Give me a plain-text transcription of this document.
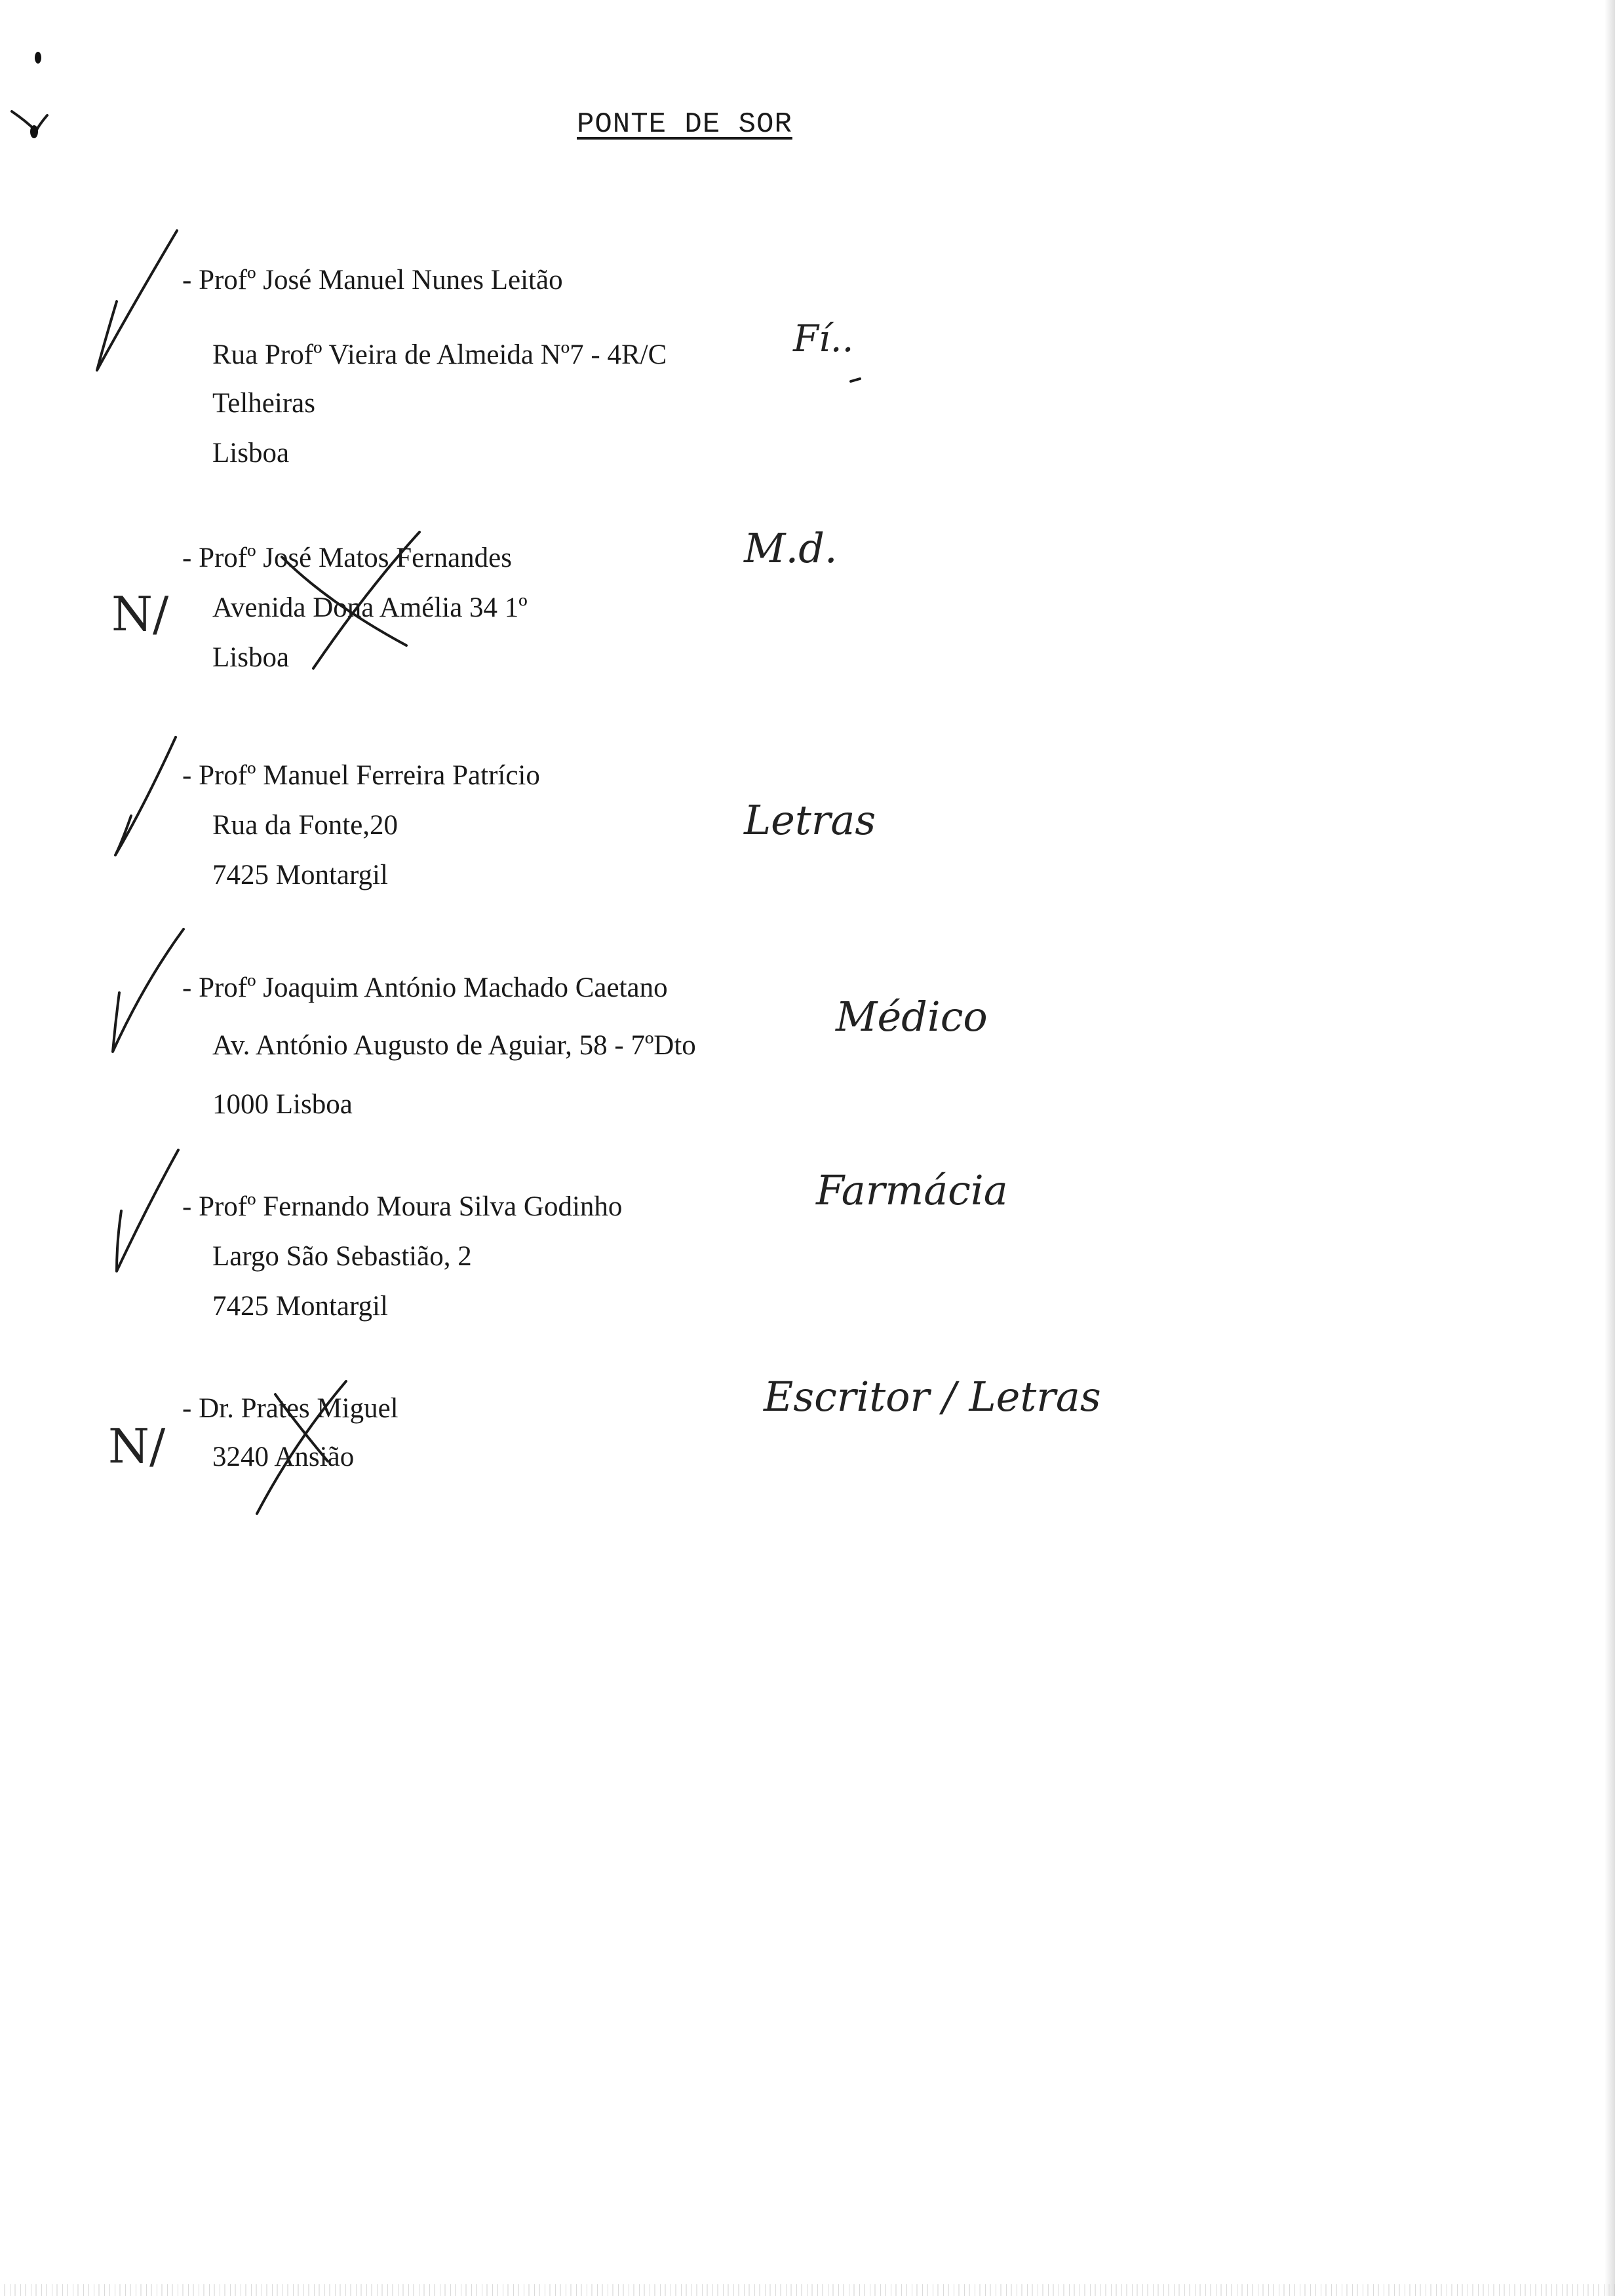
PONTE DE SOR
- Profº José Manuel Nunes Leitão
Rua Profº Vieira de Almeida Nº7 - 4R/C
Telheiras
Lisboa
Fí..
- Profº José Matos Fernandes
Avenida Dona Amélia 34 1º
Lisboa
M.d.
- Profº Manuel Ferreira Patrício
Rua da Fonte,20
7425 Montargil
Letras
- Profº Joaquim António Machado Caetano
Av. António Augusto de Aguiar, 58 - 7ºDto
1000 Lisboa
Médico
- Profº Fernando Moura Silva Godinho
Largo São Sebastião, 2
7425 Montargil
Farmácia
- Dr. Prates Miguel
3240 Ansião
Escritor / Letras
N/
N/
